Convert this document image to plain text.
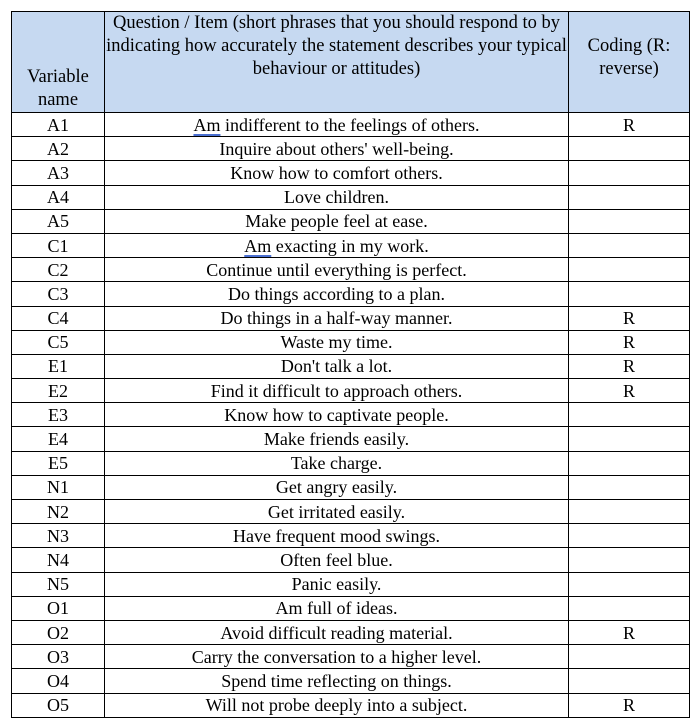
Variable name	Question / Item (short phrases that you should respond to by indicating how accurately the statement describes your typical behaviour or attitudes)	Coding (R: reverse)
A1	Am indifferent to the feelings of others.	R
A2	Inquire about others' well-being.	
A3	Know how to comfort others.	
A4	Love children.	
A5	Make people feel at ease.	
C1	Am exacting in my work.	
C2	Continue until everything is perfect.	
C3	Do things according to a plan.	
C4	Do things in a half-way manner.	R
C5	Waste my time.	R
E1	Don't talk a lot.	R
E2	Find it difficult to approach others.	R
E3	Know how to captivate people.	
E4	Make friends easily.	
E5	Take charge.	
N1	Get angry easily.	
N2	Get irritated easily.	
N3	Have frequent mood swings.	
N4	Often feel blue.	
N5	Panic easily.	
O1	Am full of ideas.	
O2	Avoid difficult reading material.	R
O3	Carry the conversation to a higher level.	
O4	Spend time reflecting on things.	
O5	Will not probe deeply into a subject.	R
